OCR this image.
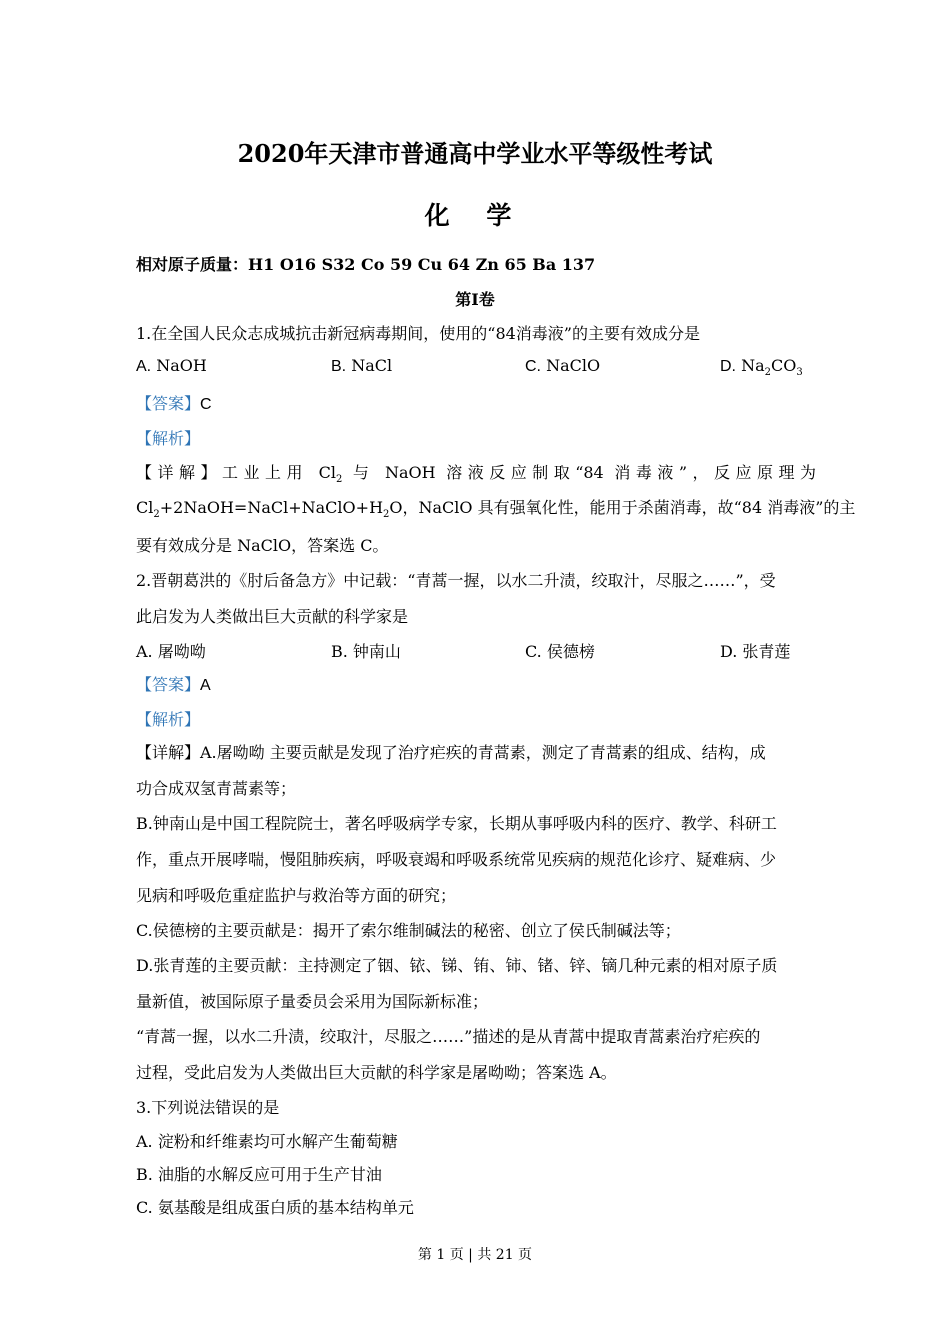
2020年天津市普通高中学业水平等级性考试
化 学
相对原子质量：H1 O16 S32 Co 59 Cu 64 Zn 65 Ba 137
第Ⅰ卷
1.在全国人民众志成城抗击新冠病毒期间，使用的“84消毒液”的主要有效成分是
A. NaOH	B. NaCl	C. NaClO	D. $Na_2CO_3$
【答案】C
【解析】
【详解】工业上用 $Cl_2$ 与 NaOH 溶液反应制取“84 消毒液”，反应原理为
$Cl_2+2NaOH=NaCl+NaClO+H_2O$，NaClO 具有强氧化性，能用于杀菌消毒，故“84 消毒液”的主
要有效成分是 NaClO，答案选 C。
2.晋朝葛洪的《肘后备急方》中记载：“青蒿一握，以水二升渍，绞取汁，尽服之……”，受
此启发为人类做出巨大贡献的科学家是
A. 屠呦呦	B. 钟南山	C. 侯德榜	D. 张青莲
【答案】A
【解析】
【详解】A.屠呦呦 主要贡献是发现了治疗疟疾的青蒿素，测定了青蒿素的组成、结构，成
功合成双氢青蒿素等；
B.钟南山是中国工程院院士，著名呼吸病学专家，长期从事呼吸内科的医疗、教学、科研工
作，重点开展哮喘，慢阻肺疾病，呼吸衰竭和呼吸系统常见疾病的规范化诊疗、疑难病、少
见病和呼吸危重症监护与救治等方面的研究；
C.侯德榜的主要贡献是：揭开了索尔维制碱法的秘密、创立了侯氏制碱法等；
D.张青莲的主要贡献：主持测定了铟、铱、锑、铕、铈、锗、锌、镝几种元素的相对原子质
量新值，被国际原子量委员会采用为国际新标准；
“青蒿一握，以水二升渍，绞取汁，尽服之……”描述的是从青蒿中提取青蒿素治疗疟疾的
过程，受此启发为人类做出巨大贡献的科学家是屠呦呦；答案选 A。
3.下列说法错误的是
A. 淀粉和纤维素均可水解产生葡萄糖
B. 油脂的水解反应可用于生产甘油
C. 氨基酸是组成蛋白质的基本结构单元
第 1 页 | 共 21 页
